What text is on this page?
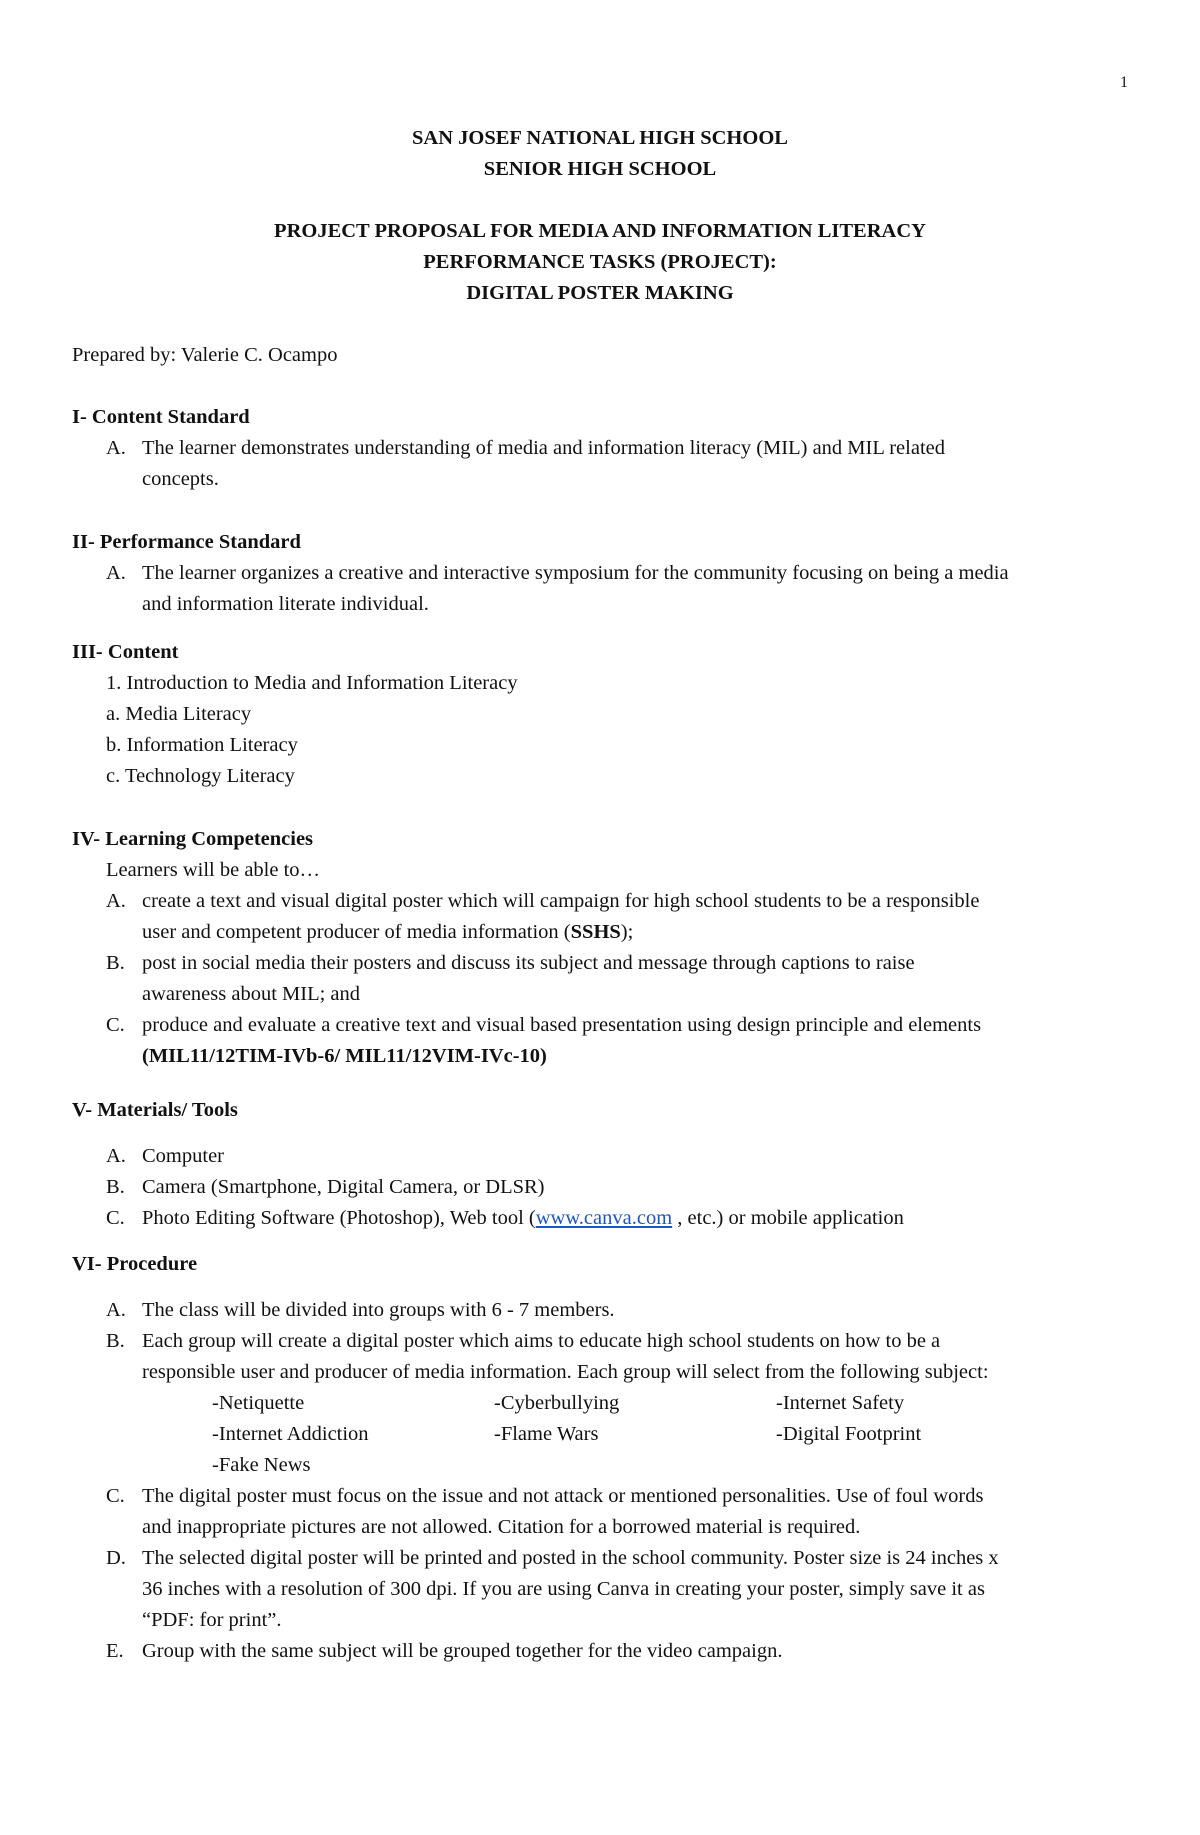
1
SAN JOSEF NATIONAL HIGH SCHOOL
SENIOR HIGH SCHOOL
PROJECT PROPOSAL FOR MEDIA AND INFORMATION LITERACY
PERFORMANCE TASKS (PROJECT):
DIGITAL POSTER MAKING
Prepared by: Valerie C. Ocampo
I- Content Standard
A. The learner demonstrates understanding of media and information literacy (MIL) and MIL related
concepts.
II- Performance Standard
A. The learner organizes a creative and interactive symposium for the community focusing on being a media
and information literate individual.
III- Content
1. Introduction to Media and Information Literacy
a. Media Literacy
b. Information Literacy
c. Technology Literacy
IV- Learning Competencies
Learners will be able to…
A. create a text and visual digital poster which will campaign for high school students to be a responsible
user and competent producer of media information (SSHS);
B. post in social media their posters and discuss its subject and message through captions to raise
awareness about MIL; and
C. produce and evaluate a creative text and visual based presentation using design principle and elements
(MIL11/12TIM-IVb-6/ MIL11/12VIM-IVc-10)
V- Materials/ Tools
A. Computer
B. Camera (Smartphone, Digital Camera, or DLSR)
C. Photo Editing Software (Photoshop), Web tool (www.canva.com , etc.) or mobile application
VI- Procedure
A. The class will be divided into groups with 6 - 7 members.
B. Each group will create a digital poster which aims to educate high school students on how to be a
responsible user and producer of media information. Each group will select from the following subject:
-Netiquette	-Cyberbullying	-Internet Safety
-Internet Addiction	-Flame Wars	-Digital Footprint
-Fake News
C. The digital poster must focus on the issue and not attack or mentioned personalities. Use of foul words
and inappropriate pictures are not allowed. Citation for a borrowed material is required.
D. The selected digital poster will be printed and posted in the school community. Poster size is 24 inches x
36 inches with a resolution of 300 dpi. If you are using Canva in creating your poster, simply save it as
“PDF: for print”.
E. Group with the same subject will be grouped together for the video campaign.
